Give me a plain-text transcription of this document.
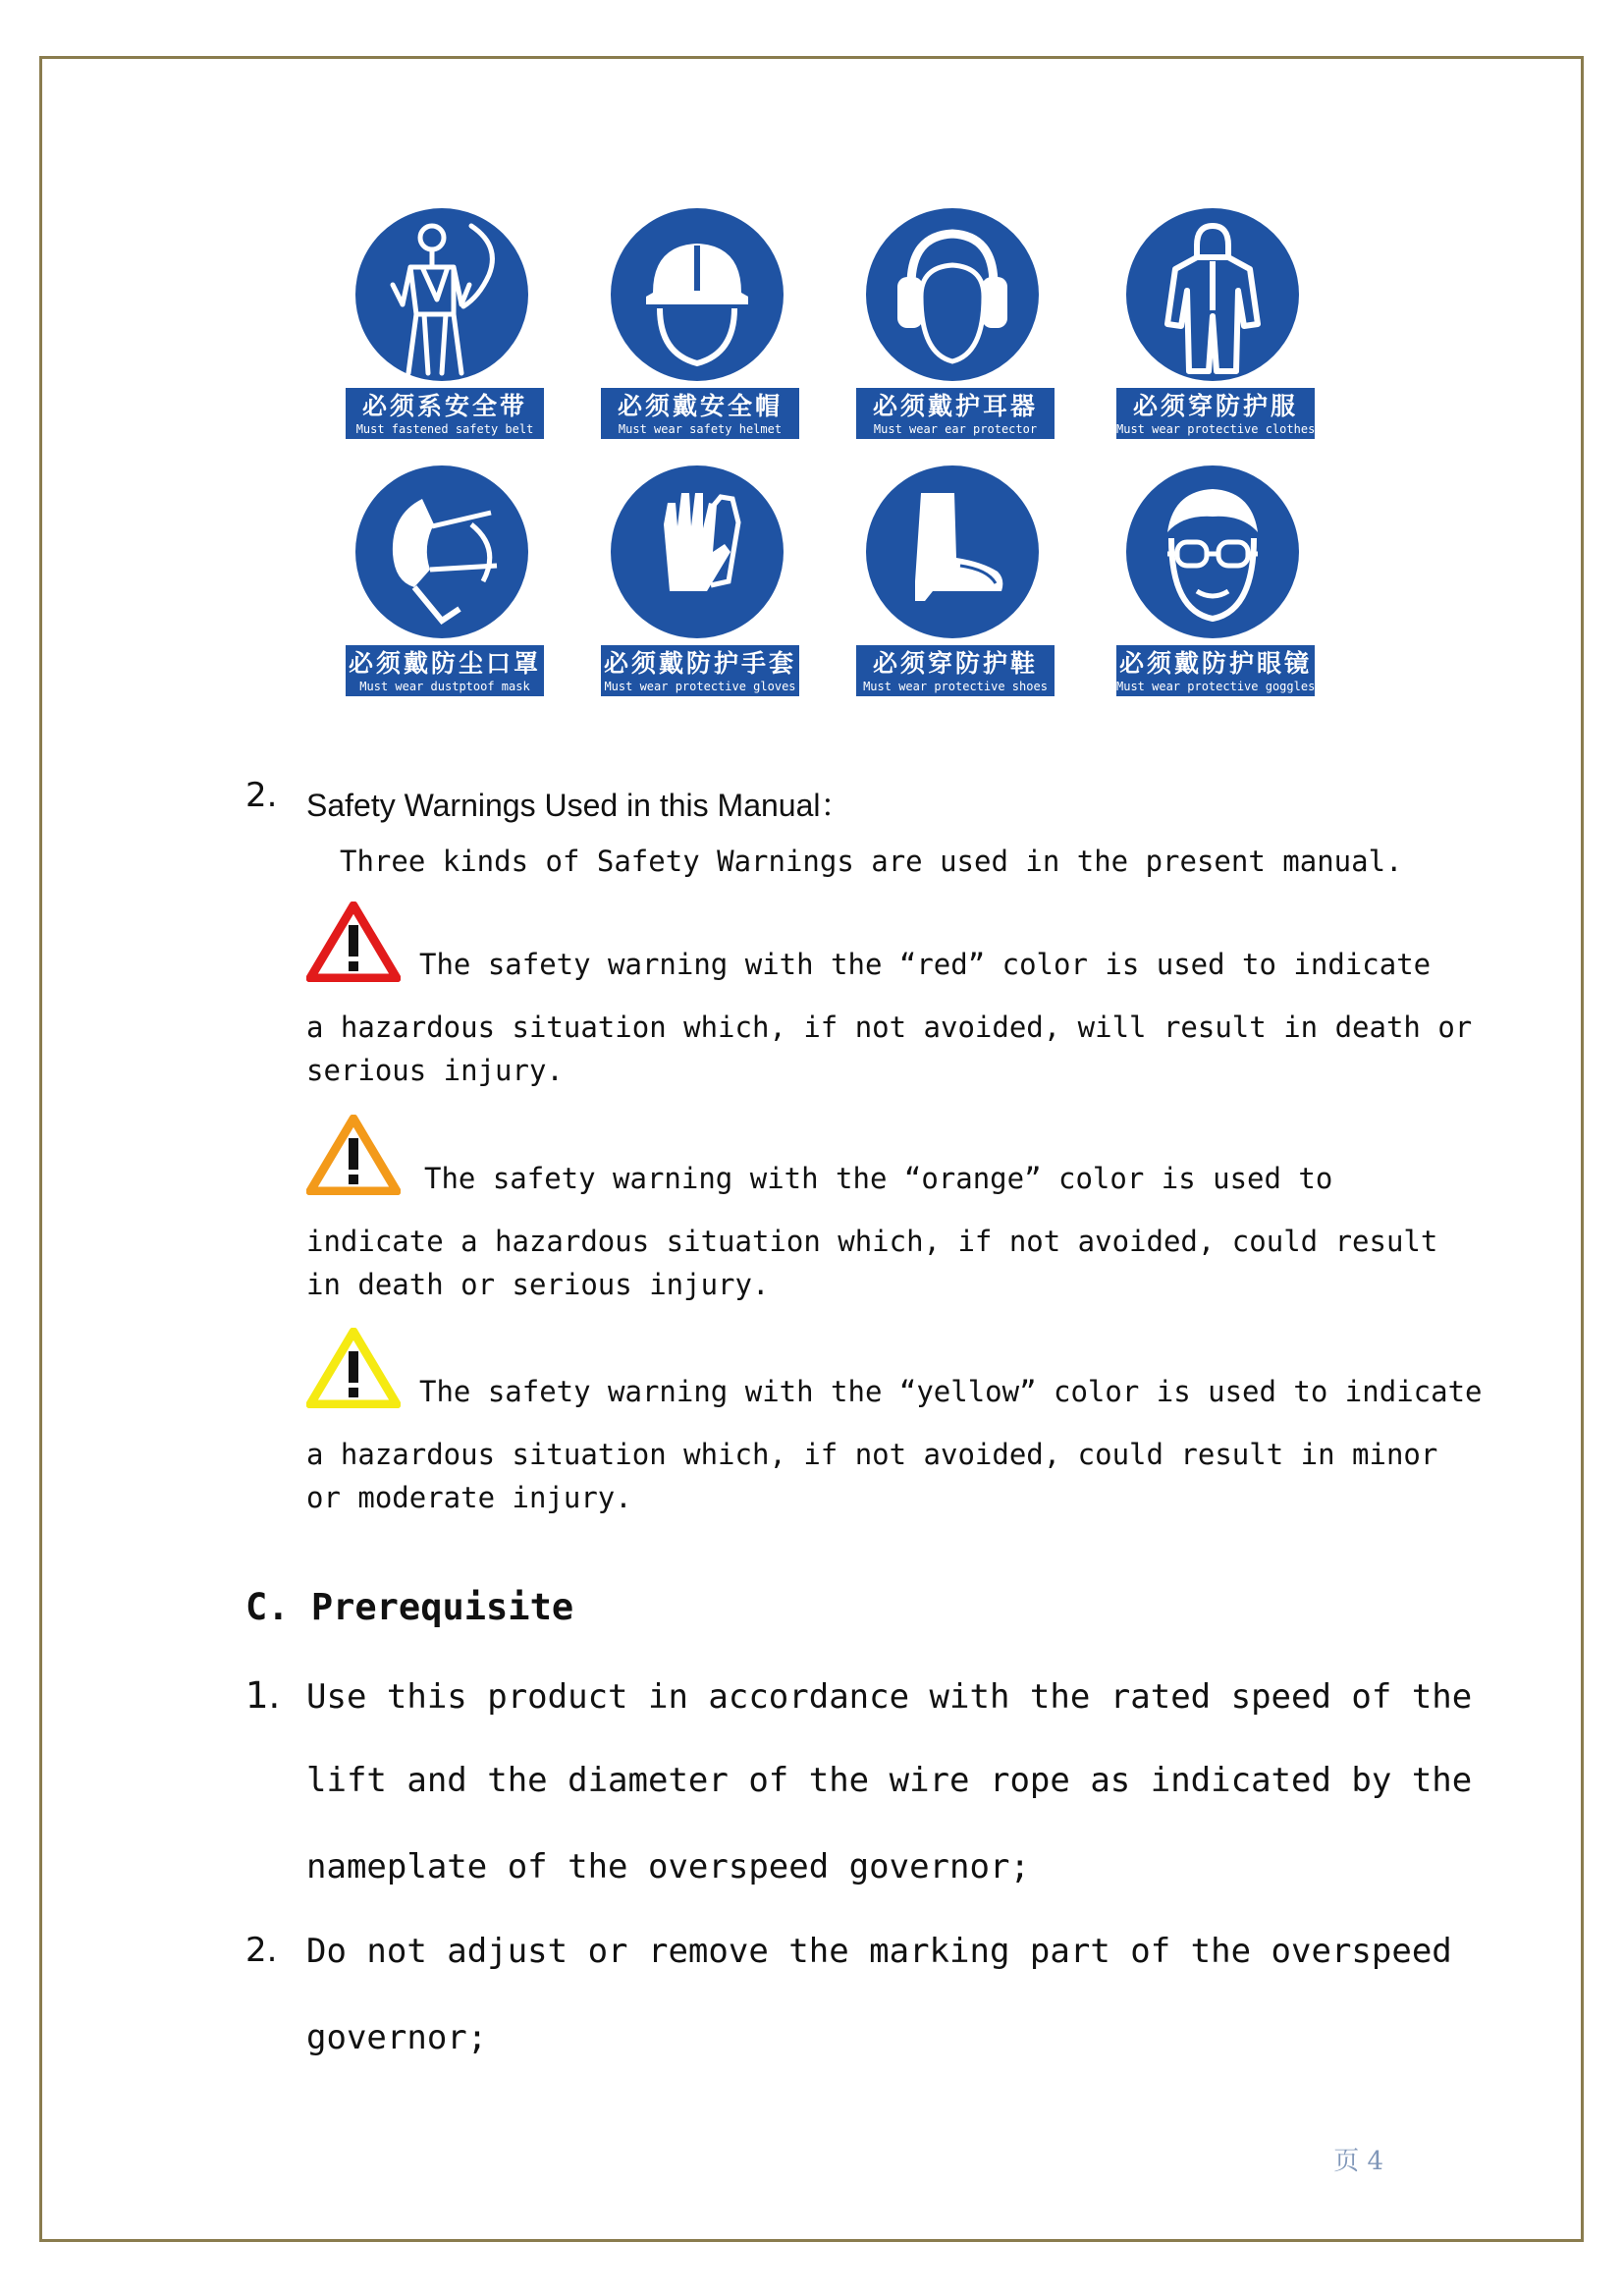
必须系安全带
Must fastened safety belt
必须戴安全帽
Must wear safety helmet
必须戴护耳器
Must wear ear protector
必须穿防护服
Must wear protective clothes
必须戴防尘口罩
Must wear dustptoof mask
必须戴防护手套
Must wear protective gloves
必须穿防护鞋
Must wear protective shoes
必须戴防护眼镜
Must wear protective goggles
2. Safety Warnings Used in this Manual：
Three kinds of Safety Warnings are used in the present manual.
The safety warning with the “red” color is used to indicate
a hazardous situation which, if not avoided, will result in death or
serious injury.
The safety warning with the “orange” color is used to
indicate a hazardous situation which, if not avoided, could result
in death or serious injury.
The safety warning with the “yellow” color is used to indicate
a hazardous situation which, if not avoided, could result in minor
or moderate injury.
C. Prerequisite
1. Use this product in accordance with the rated speed of the
lift and the diameter of the wire rope as indicated by the
nameplate of the overspeed governor;
2. Do not adjust or remove the marking part of the overspeed
governor;
页 4
